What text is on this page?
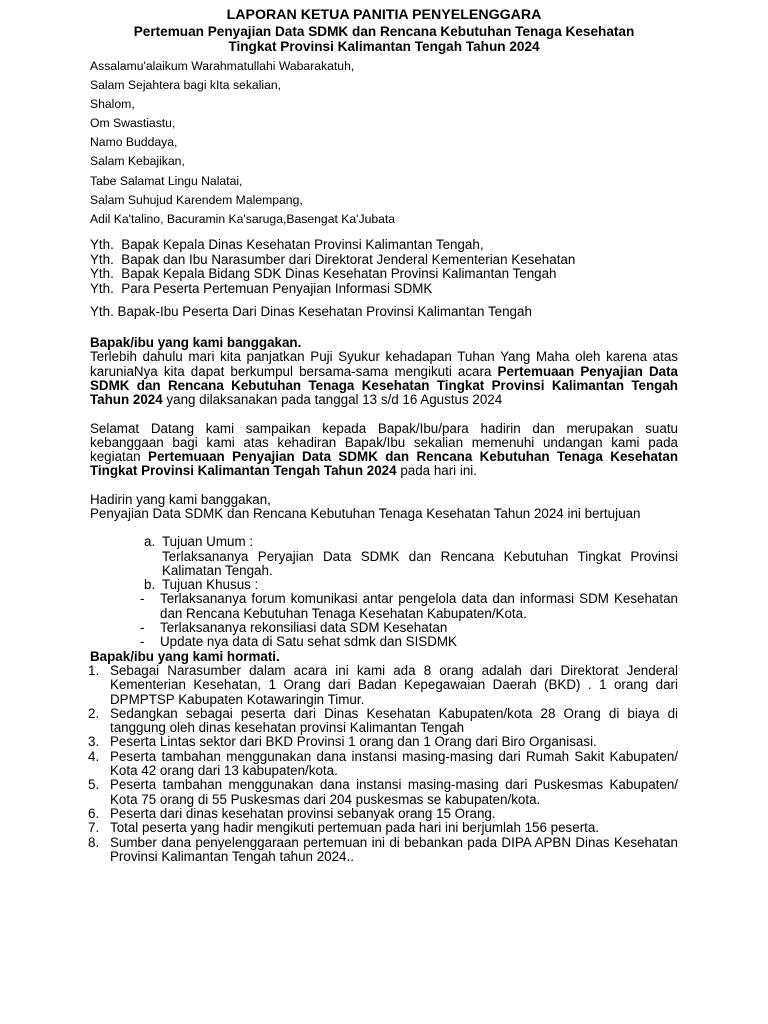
LAPORAN KETUA PANITIA PENYELENGGARA
Pertemuan Penyajian Data SDMK dan Rencana Kebutuhan Tenaga Kesehatan
Tingkat Provinsi Kalimantan Tengah Tahun 2024
Assalamu'alaikum Warahmatullahi Wabarakatuh,
Salam Sejahtera bagi kIta sekalian,
Shalom,
Om Swastiastu,
Namo Buddaya,
Salam Kebajikan,
Tabe Salamat Lingu Nalatai,
Salam Suhujud Karendem Malempang,
Adil Ka'talino, Bacuramin Ka'saruga,Basengat Ka'Jubata
Yth.  Bapak Kepala Dinas Kesehatan Provinsi Kalimantan Tengah,
Yth.  Bapak dan Ibu Narasumber dari Direktorat Jenderal Kementerian Kesehatan
Yth.  Bapak Kepala Bidang SDK Dinas Kesehatan Provinsi Kalimantan Tengah
Yth.  Para Peserta Pertemuan Penyajian Informasi SDMK
Yth. Bapak-Ibu Peserta Dari Dinas Kesehatan Provinsi Kalimantan Tengah
Bapak/ibu yang kami banggakan.
Terlebih dahulu mari kita panjatkan Puji Syukur kehadapan Tuhan Yang Maha oleh karena atas karuniaNya kita dapat berkumpul bersama-sama mengikuti acara Pertemuaan Penyajian Data SDMK dan Rencana Kebutuhan Tenaga Kesehatan Tingkat Provinsi Kalimantan Tengah Tahun 2024 yang dilaksanakan pada tanggal 13 s/d 16 Agustus 2024
Selamat Datang kami sampaikan kepada Bapak/Ibu/para hadirin dan merupakan suatu kebanggaan bagi kami atas kehadiran Bapak/Ibu sekalian memenuhi undangan kami pada kegiatan Pertemuaan Penyajian Data SDMK dan Rencana Kebutuhan Tenaga Kesehatan Tingkat Provinsi Kalimantan Tengah Tahun 2024 pada hari ini.
Hadirin yang kami banggakan,
Penyajian Data SDMK dan Rencana Kebutuhan Tenaga Kesehatan Tahun 2024 ini bertujuan
a. Tujuan Umum :
Terlaksananya Peryajian Data SDMK dan Rencana Kebutuhan Tingkat Provinsi Kalimatan Tengah.
b. Tujuan Khusus :
- Terlaksananya forum komunikasi antar pengelola data dan informasi SDM Kesehatan dan Rencana Kebutuhan Tenaga Kesehatan Kabupaten/Kota.
- Terlaksananya rekonsiliasi data SDM Kesehatan
- Update nya data di Satu sehat sdmk dan SISDMK
Bapak/ibu yang kami hormati.
1. Sebagai Narasumber dalam acara ini kami ada 8 orang adalah dari Direktorat Jenderal Kementerian Kesehatan, 1 Orang dari Badan Kepegawaian Daerah (BKD) . 1 orang dari DPMPTSP Kabupaten Kotawaringin Timur.
2. Sedangkan sebagai peserta dari Dinas Kesehatan Kabupaten/kota 28 Orang di biaya di tanggung oleh dinas kesehatan provinsi Kalimantan Tengah
3. Peserta Lintas sektor dari BKD Provinsi 1 orang dan 1 Orang dari Biro Organisasi.
4. Peserta tambahan menggunakan dana instansi masing-masing dari Rumah Sakit Kabupaten/ Kota 42 orang dari 13 kabupaten/kota.
5. Peserta tambahan menggunakan dana instansi masing-masing dari Puskesmas Kabupaten/ Kota 75 orang di 55 Puskesmas dari 204 puskesmas se kabupaten/kota.
6. Peserta dari dinas kesehatan provinsi sebanyak orang 15 Orang.
7. Total peserta yang hadir mengikuti pertemuan pada hari ini berjumlah 156 peserta.
8. Sumber dana penyelenggaraan pertemuan ini di bebankan pada DIPA APBN Dinas Kesehatan Provinsi Kalimantan Tengah tahun 2024..
